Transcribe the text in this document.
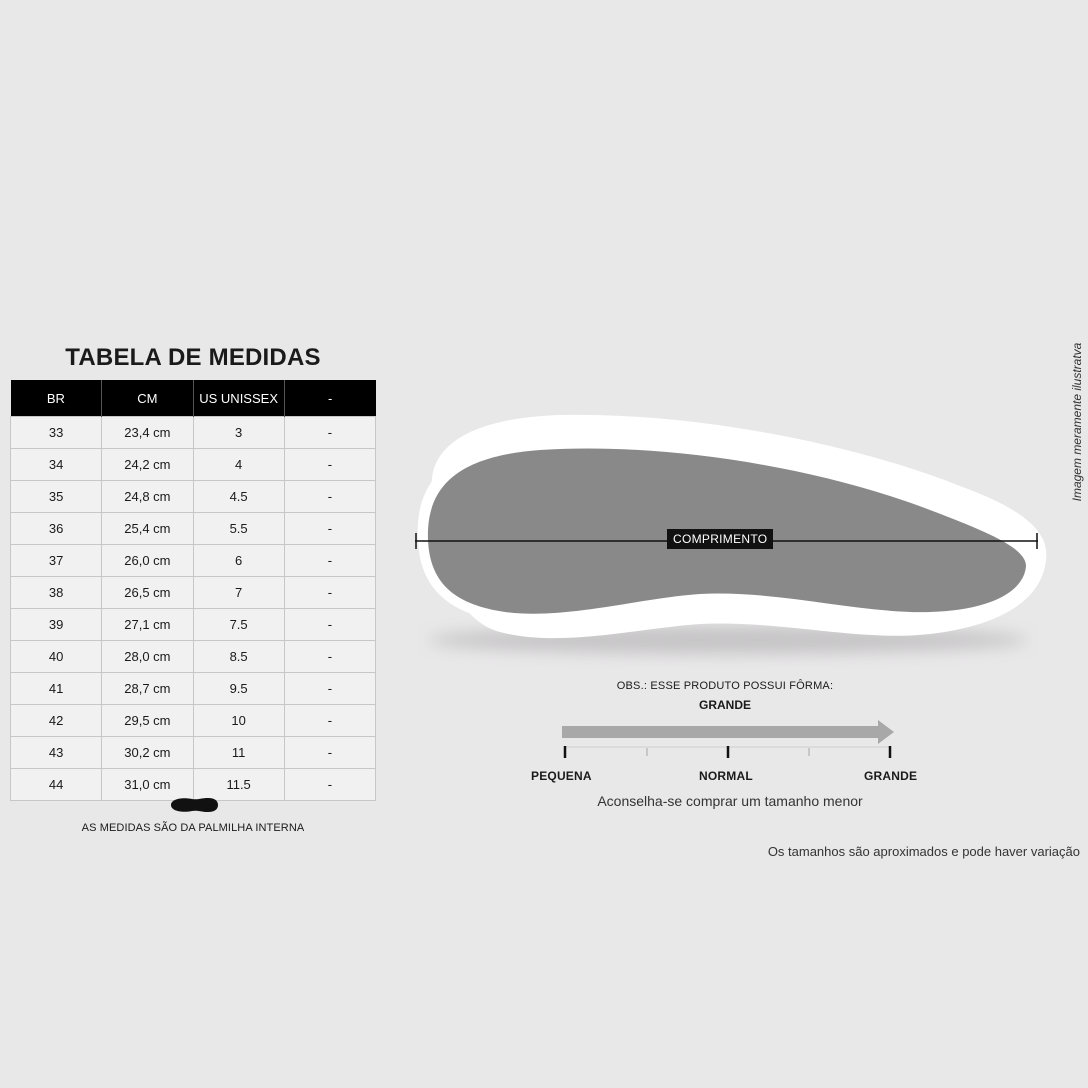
TABELA DE MEDIDAS
BR	CM	US UNISSEX	-
33	23,4 cm	3	-
34	24,2 cm	4	-
35	24,8 cm	4.5	-
36	25,4 cm	5.5	-
37	26,0 cm	6	-
38	26,5 cm	7	-
39	27,1 cm	7.5	-
40	28,0 cm	8.5	-
41	28,7 cm	9.5	-
42	29,5 cm	10	-
43	30,2 cm	11	-
44	31,0 cm	11.5	-
AS MEDIDAS SÃO DA PALMILHA INTERNA
COMPRIMENTO
OBS.: ESSE PRODUTO POSSUI FÔRMA:
GRANDE
PEQUENA	NORMAL	GRANDE
Aconselha-se comprar um tamanho menor
Os tamanhos são aproximados e pode haver variação
Imagem meramente ilustratva
